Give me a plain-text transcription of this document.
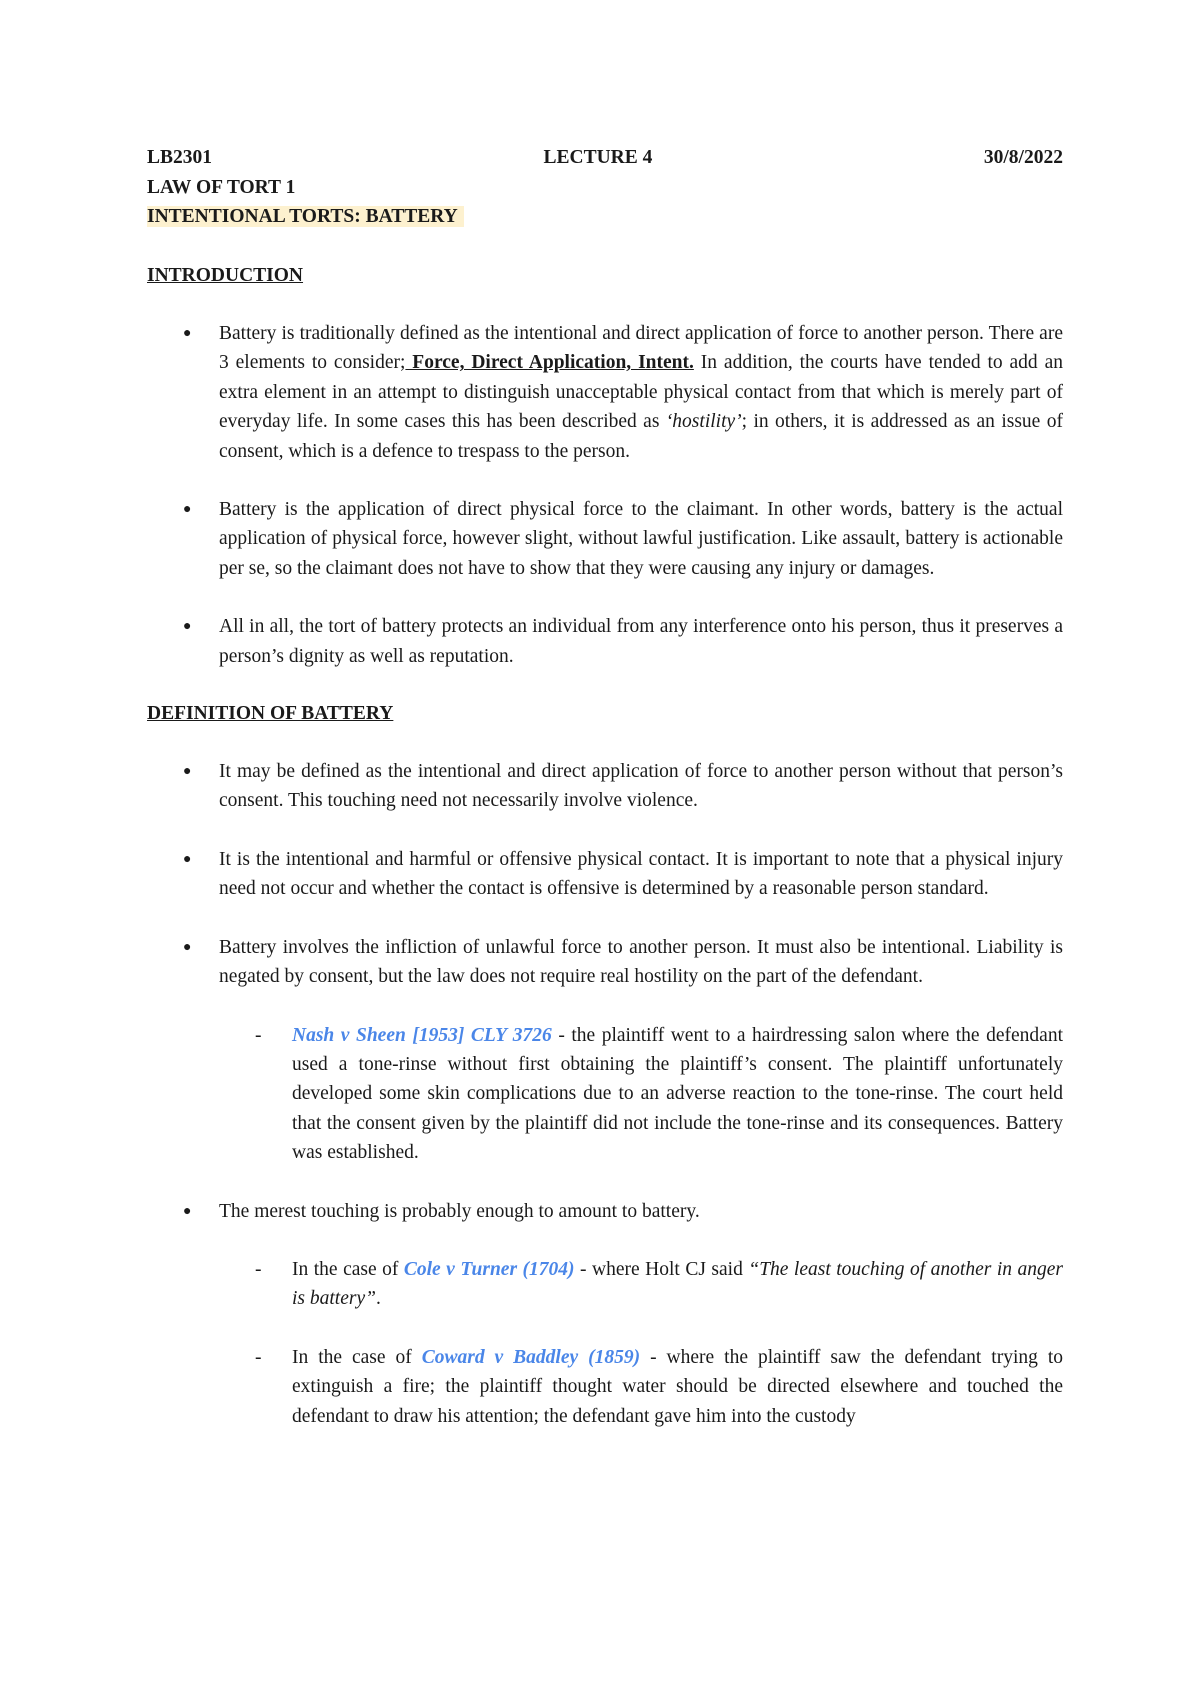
LB2301	LECTURE 4	30/8/2022
LAW OF TORT 1
INTENTIONAL TORTS: BATTERY
INTRODUCTION
● Battery is traditionally defined as the intentional and direct application of force to another person. There are 3 elements to consider; Force, Direct Application, Intent. In addition, the courts have tended to add an extra element in an attempt to distinguish unacceptable physical contact from that which is merely part of everyday life. In some cases this has been described as ‘hostility’; in others, it is addressed as an issue of consent, which is a defence to trespass to the person.
● Battery is the application of direct physical force to the claimant. In other words, battery is the actual application of physical force, however slight, without lawful justification. Like assault, battery is actionable per se, so the claimant does not have to show that they were causing any injury or damages.
● All in all, the tort of battery protects an individual from any interference onto his person, thus it preserves a person’s dignity as well as reputation.
DEFINITION OF BATTERY
● It may be defined as the intentional and direct application of force to another person without that person’s consent. This touching need not necessarily involve violence.
● It is the intentional and harmful or offensive physical contact. It is important to note that a physical injury need not occur and whether the contact is offensive is determined by a reasonable person standard.
● Battery involves the infliction of unlawful force to another person. It must also be intentional. Liability is negated by consent, but the law does not require real hostility on the part of the defendant.
- Nash v Sheen [1953] CLY 3726 - the plaintiff went to a hairdressing salon where the defendant used a tone-rinse without first obtaining the plaintiff’s consent. The plaintiff unfortunately developed some skin complications due to an adverse reaction to the tone-rinse. The court held that the consent given by the plaintiff did not include the tone-rinse and its consequences. Battery was established.
● The merest touching is probably enough to amount to battery.
- In the case of Cole v Turner (1704) - where Holt CJ said “The least touching of another in anger is battery”.
- In the case of Coward v Baddley (1859) - where the plaintiff saw the defendant trying to extinguish a fire; the plaintiff thought water should be directed elsewhere and touched the defendant to draw his attention; the defendant gave him into the custody
